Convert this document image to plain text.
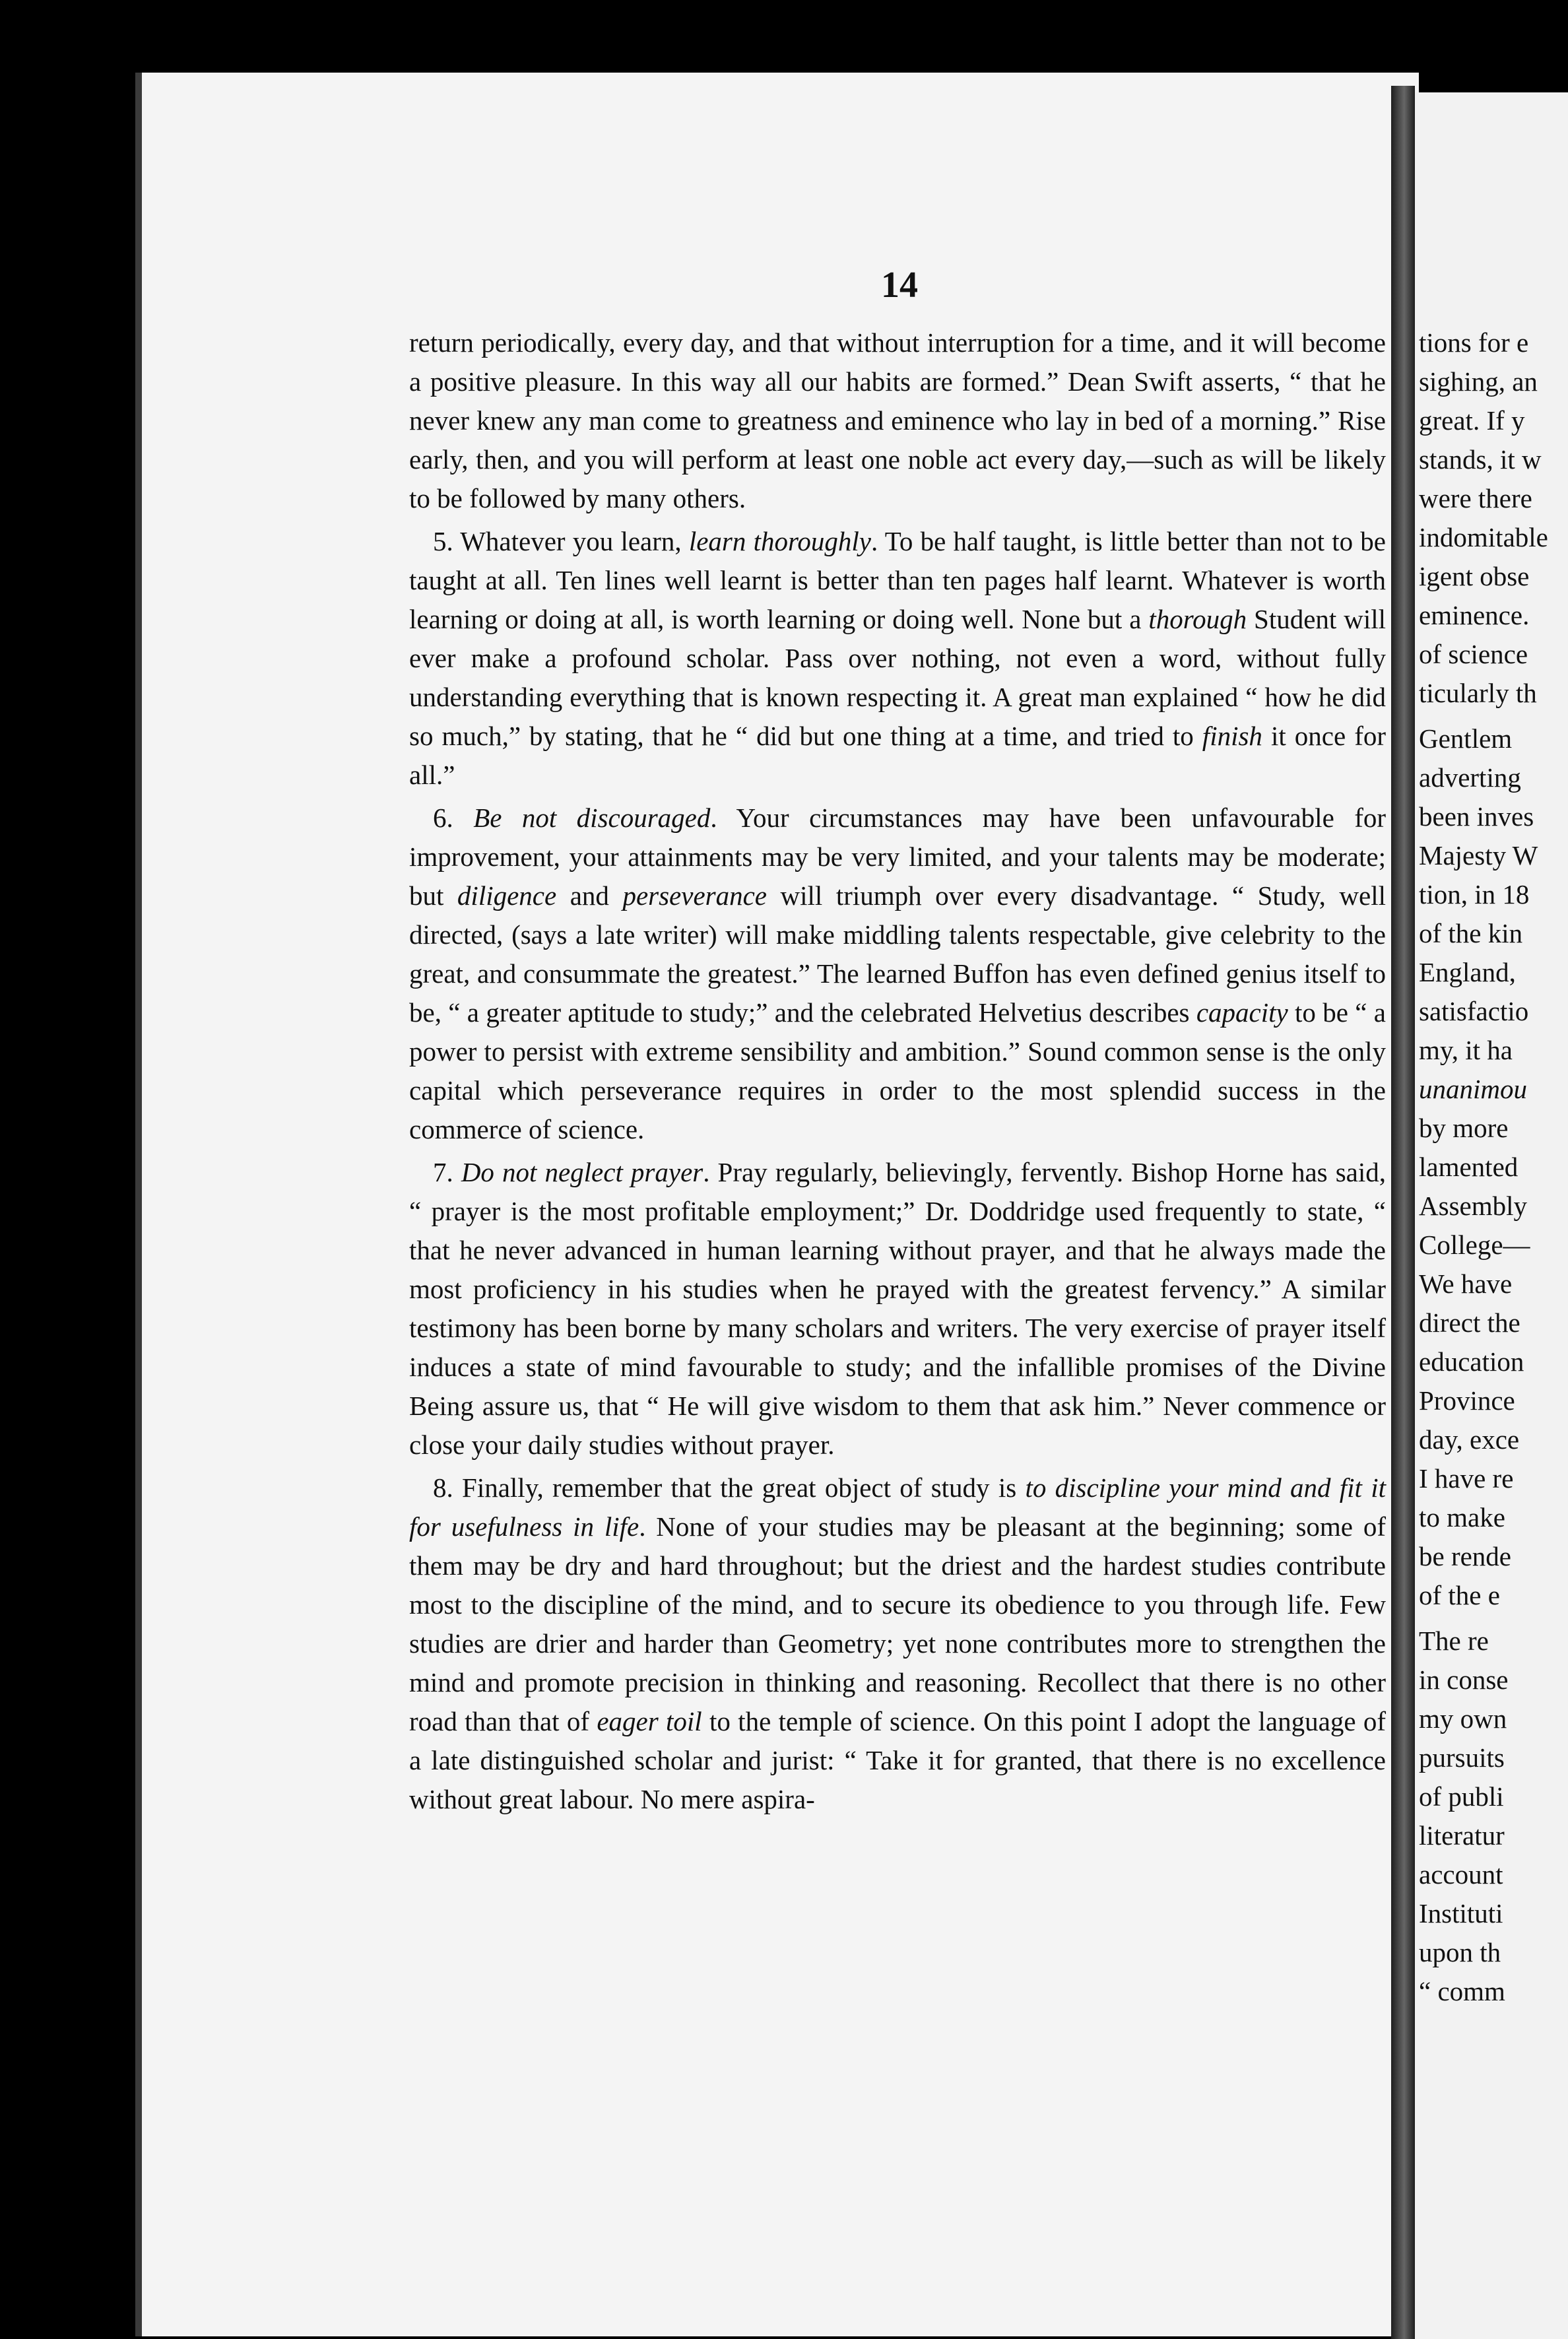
14

return periodically, every day, and that without interruption for a time, and it will become a positive pleasure. In this way all our habits are formed.” Dean Swift asserts, “ that he never knew any man come to greatness and eminence who lay in bed of a morning.” Rise early, then, and you will perform at least one noble act every day,—such as will be likely to be followed by many others.

5. Whatever you learn, learn thoroughly. To be half taught, is little better than not to be taught at all. Ten lines well learnt is better than ten pages half learnt. Whatever is worth learning or doing at all, is worth learning or doing well. None but a thorough Student will ever make a profound scholar. Pass over nothing, not even a word, without fully understanding everything that is known respecting it. A great man explained “ how he did so much,” by stating, that he “ did but one thing at a time, and tried to finish it once for all.”

6. Be not discouraged. Your circumstances may have been unfavourable for improvement, your attainments may be very limited, and your talents may be moderate; but diligence and perseverance will triumph over every disadvantage. “ Study, well directed, (says a late writer) will make middling talents respectable, give celebrity to the great, and consummate the greatest.” The learned Buffon has even defined genius itself to be, “ a greater aptitude to study;” and the celebrated Helvetius describes capacity to be “ a power to persist with extreme sensibility and ambition.” Sound common sense is the only capital which perseverance requires in order to the most splendid success in the commerce of science.

7. Do not neglect prayer. Pray regularly, believingly, fervently. Bishop Horne has said, “ prayer is the most profitable employment;” Dr. Doddridge used frequently to state, “ that he never advanced in human learning without prayer, and that he always made the most proficiency in his studies when he prayed with the greatest fervency.” A similar testimony has been borne by many scholars and writers. The very exercise of prayer itself induces a state of mind favourable to study; and the infallible promises of the Divine Being assure us, that “ He will give wisdom to them that ask him.” Never commence or close your daily studies without prayer.

8. Finally, remember that the great object of study is to discipline your mind and fit it for usefulness in life. None of your studies may be pleasant at the beginning; some of them may be dry and hard throughout; but the driest and the hardest studies contribute most to the discipline of the mind, and to secure its obedience to you through life. Few studies are drier and harder than Geometry; yet none contributes more to strengthen the mind and promote precision in thinking and reasoning. Recollect that there is no other road than that of eager toil to the temple of science. On this point I adopt the language of a late distinguished scholar and jurist: “ Take it for granted, that there is no excellence without great labour. No mere aspira-

tions for e
sighing, an
great. If y
stands, it w
were there
indomitable
igent obse
eminence.
of science
ticularly th
Gentlem
adverting
been inves
Majesty W
tion, in 18
of the kin
England,
satisfactio
my, it ha
unanimou
by more
lamented
Assembly
College—
We have
direct the
education
Province
day, exce
I have re
to make
be rende
of the e
The re
in conse
my own
pursuits
of publi
literatur
account
Instituti
upon th
“ comm
